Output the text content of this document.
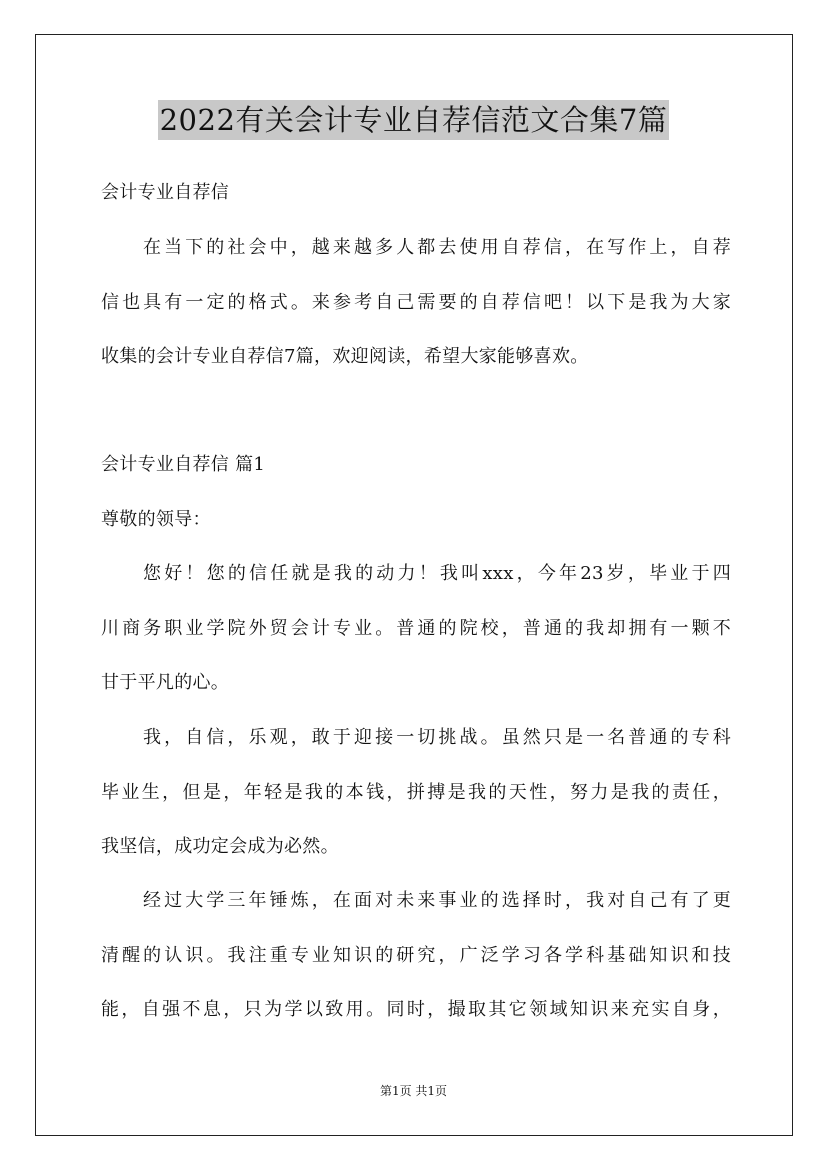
2022有关会计专业自荐信范文合集7篇
会计专业自荐信
在当下的社会中，越来越多人都去使用自荐信，在写作上，自荐
信也具有一定的格式。来参考自己需要的自荐信吧！以下是我为大家
收集的会计专业自荐信7篇，欢迎阅读，希望大家能够喜欢。
会计专业自荐信 篇1
尊敬的领导：
您好！您的信任就是我的动力！我叫xxx，今年23岁，毕业于四
川商务职业学院外贸会计专业。普通的院校，普通的我却拥有一颗不
甘于平凡的心。
我，自信，乐观，敢于迎接一切挑战。虽然只是一名普通的专科
毕业生，但是，年轻是我的本钱，拼搏是我的天性，努力是我的责任，
我坚信，成功定会成为必然。
经过大学三年锤炼，在面对未来事业的选择时，我对自己有了更
清醒的认识。我注重专业知识的研究，广泛学习各学科基础知识和技
能，自强不息，只为学以致用。同时，撮取其它领域知识来充实自身，
第1页 共1页
